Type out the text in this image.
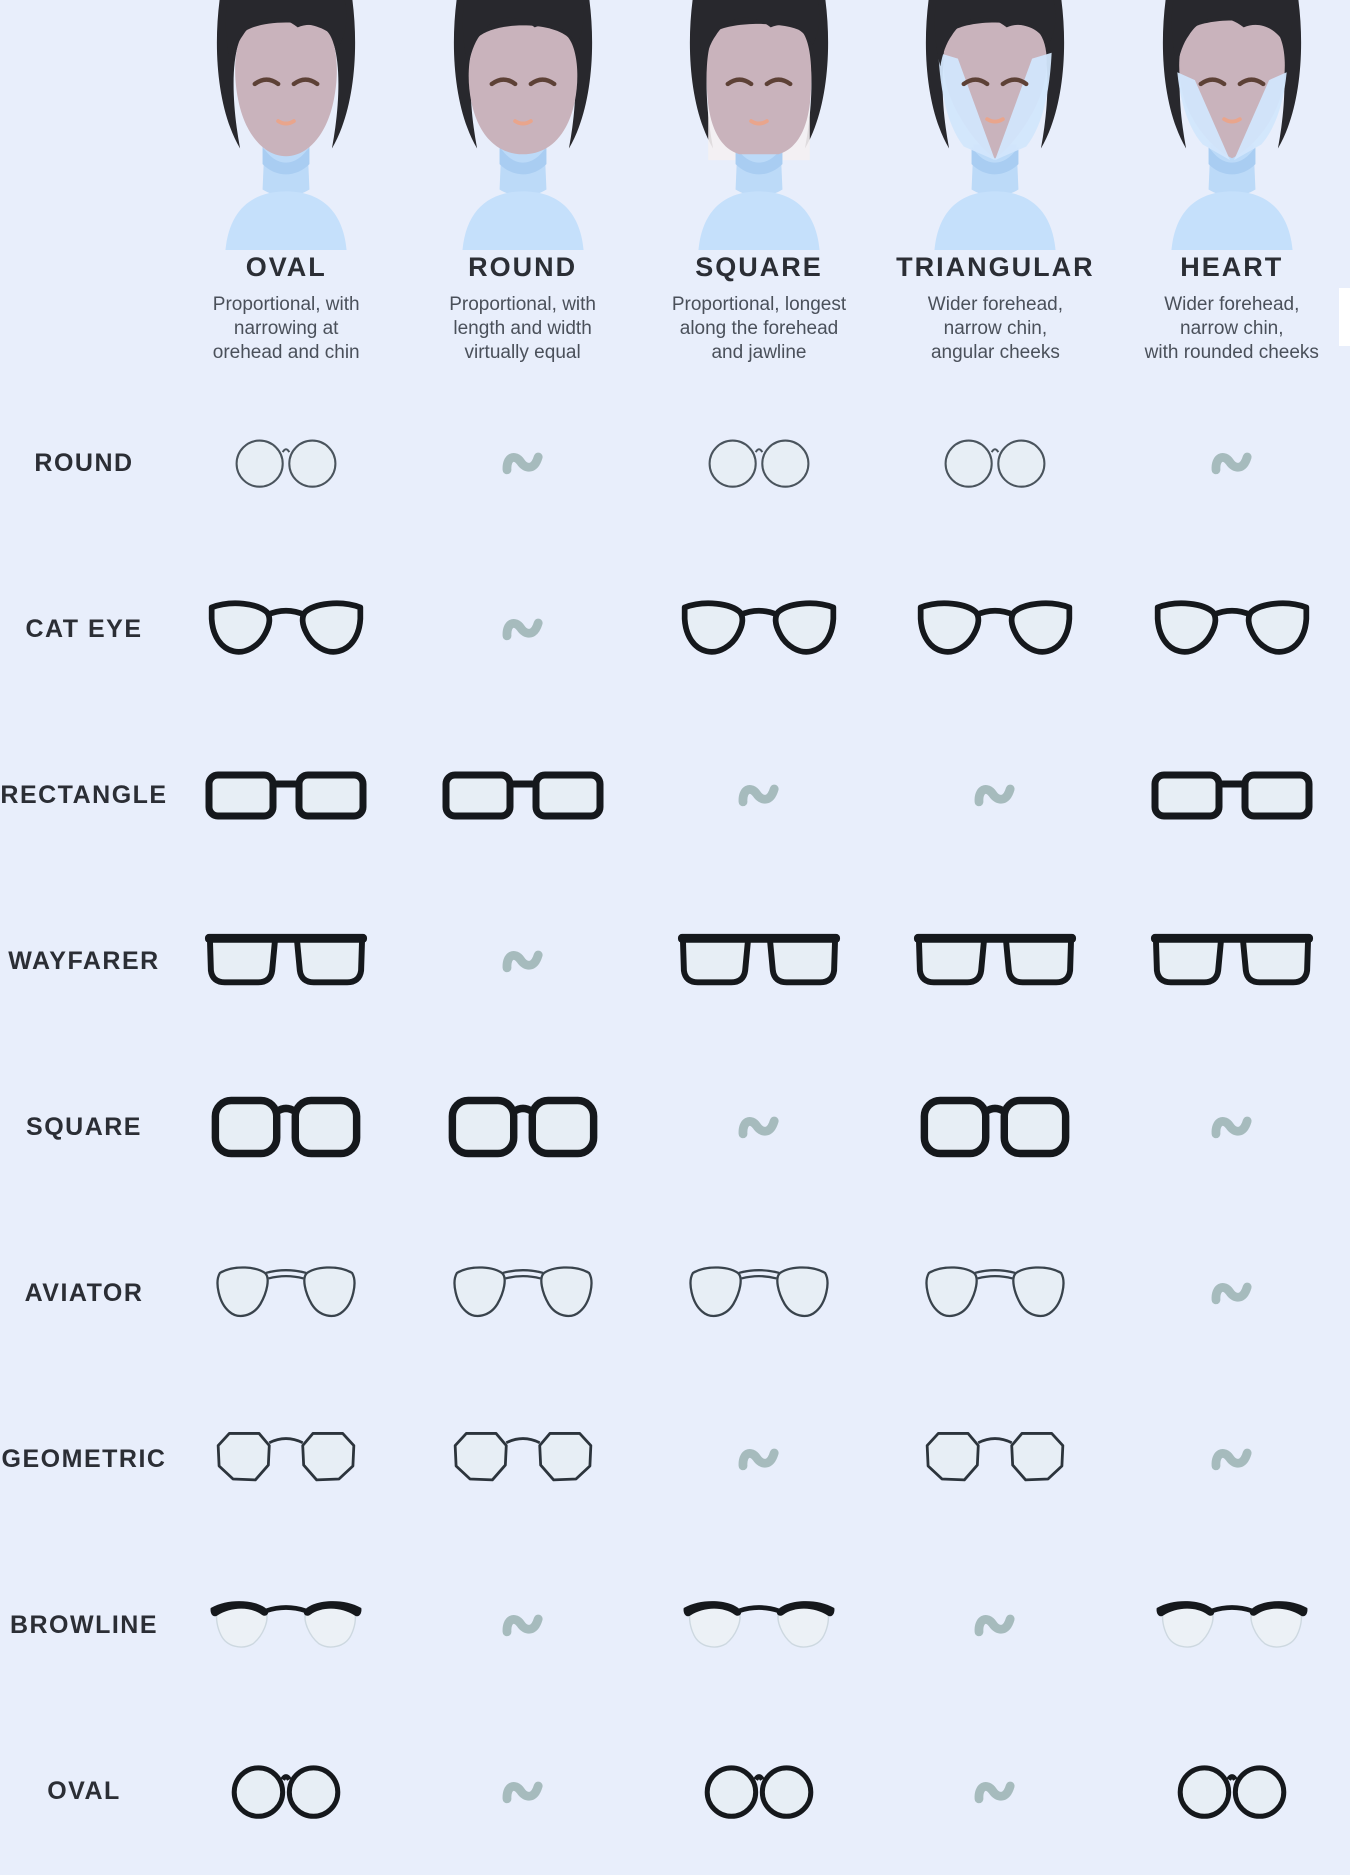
OVAL
Proportional, with
narrowing at
orehead and chin
ROUND
Proportional, with
length and width
virtually equal
SQUARE
Proportional, longest
along the forehead
and jawline
TRIANGULAR
Wider forehead,
narrow chin,
angular cheeks
HEART
Wider forehead,
narrow chin,
with rounded cheeks
ROUND
CAT EYE
RECTANGLE
WAYFARER
SQUARE
AVIATOR
GEOMETRIC
BROWLINE
OVAL
